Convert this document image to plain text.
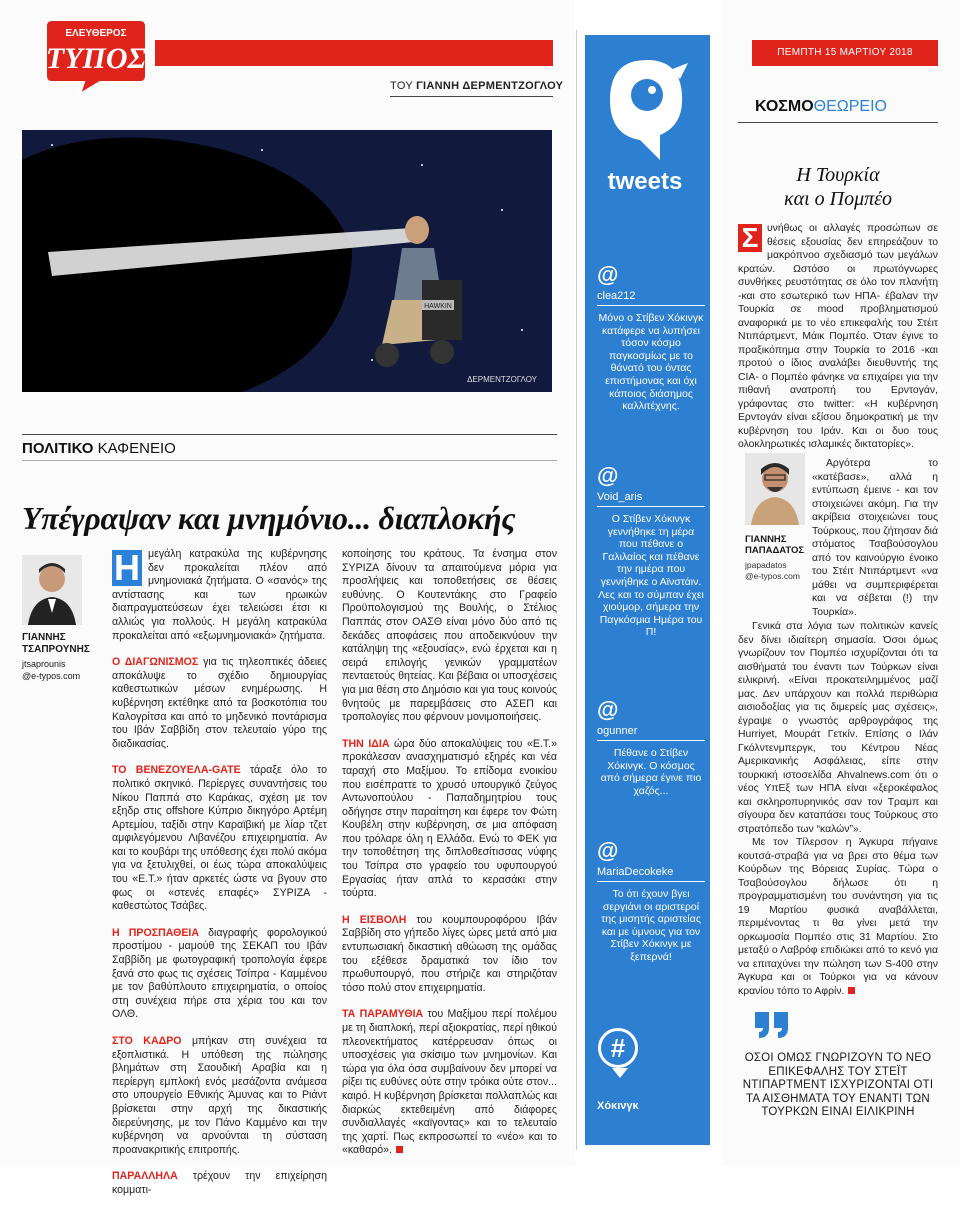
ΕΛΕΥΘΕΡΟΣ
ΤΥΠΟΣ
ΤΟΥ ΓΙΑΝΝΗ ΔΕΡΜΕΝΤΖΟΓΛΟΥ
HAWKIN
ΔΕΡΜΕΝΤΖΟΓΛΟΥ
ΠΟΛΙΤΙΚΟ ΚΑΦΕΝΕΙΟ
Υπέγραψαν και μνημόνιο... διαπλοκής
ΓΙΑΝΝΗΣ
ΤΣΑΠΡΟΥΝΗΣ
jtsaprounis
@e-typos.com

Η μεγάλη κατρακύλα της κυβέρνησης δεν προκαλείται πλέον από μνημονιακά ζητήματα. Ο «σανός» της αντίστασης και των ηρωικών διαπραγματεύσεων έχει τελειώσει έτσι κι αλλιώς για πολλούς. Η μεγάλη κατρακύλα προκαλείται από «εξωμνημονιακά» ζητήματα.

Ο ΔΙΑΓΩΝΙΣΜΟΣ για τις τηλεοπτικές άδειες αποκάλυψε το σχέδιο δημιουργίας καθεστωτικών μέσων ενημέρωσης. Η κυβέρνηση εκτέθηκε από τα βοσκοτόπια του Καλογρίτσα και από το μηδενικό ποντάρισμα του Ιβάν Σαββίδη στον τελευταίο γύρο της διαδικασίας.

ΤΟ ΒΕΝΕΖΟΥΕΛΑ-GATE τάραξε όλο το πολιτικό σκηνικό. Περίεργες συναντήσεις του Νίκου Παππά στο Καράκας, σχέση με τον εξηδρ στις offshore Κύπριο δικηγόρο Αρτέμη Αρτεμίου, ταξίδι στην Καραϊβική με λίαρ τζετ αμφιλεγόμενου Λιβανέζου επιχειρηματία. Αν και το κουβάρι της υπόθεσης έχει πολύ ακόμα για να ξετυλιχθεί, οι έως τώρα αποκαλύψεις του «Ε.Τ.» ήταν αρκετές ώστε να βγουν στο φως οι «στενές επαφές» ΣΥΡΙΖΑ - καθεστώτος Τσάβες.

Η ΠΡΟΣΠΑΘΕΙΑ διαγραφής φορολογικού προστίμου - μαμούθ της ΣΕΚΑΠ του Ιβάν Σαββίδη με φωτογραφική τροπολογία έφερε ξανά στο φως τις σχέσεις Τσίπρα - Καμμένου με τον βαθύπλουτο επιχειρηματία, ο οποίος στη συνέχεια πήρε στα χέρια του και τον ΟΛΘ.

ΣΤΟ ΚΑΔΡΟ μπήκαν στη συνέχεια τα εξοπλιστικά. Η υπόθεση της πώλησης βλημάτων στη Σαουδική Αραβία και η περίεργη εμπλοκή ενός μεσάζοντα ανάμεσα στο υπουργείο Εθνικής Άμυνας και το Ριάντ βρίσκεται στην αρχή της δικαστικής διερεύνησης, με τον Πάνο Καμμένο και την κυβέρνηση να αρνούνται τη σύσταση προανακριτικής επιτροπής.

ΠΑΡΑΛΛΗΛΑ τρέχουν την επιχείρηση κομματι-

κοποίησης του κράτους. Τα ένσημα στον ΣΥΡΙΖΑ δίνουν τα απαιτούμενα μόρια για προσλήψεις και τοποθετήσεις σε θέσεις ευθύνης. Ο Κουτεντάκης στο Γραφείο Προϋπολογισμού της Βουλής, ο Στέλιος Παππάς στον ΟΑΣΘ είναι μόνο δύο από τις δεκάδες αποφάσεις που αποδεικνύουν την κατάληψη της «εξουσίας», ενώ έρχεται και η σειρά επιλογής γενικών γραμματέων πενταετούς θητείας. Και βέβαια οι υποσχέσεις για μια θέση στο Δημόσιο και για τους κοινούς θνητούς με παρεμβάσεις στο ΑΣΕΠ και τροπολογίες που φέρνουν μονιμοποιήσεις.

ΤΗΝ ΙΔΙΑ ώρα δύο αποκαλύψεις του «Ε.Τ.» προκάλεσαν ανασχηματισμό εξηρές και νέα ταραχή στο Μαξίμου. Το επίδομα ενοικίου που εισέπραττε το χρυσό υπουργικό ζεύγος Αντωνοπούλου - Παπαδημητρίου τους οδήγησε στην παραίτηση και έφερε τον Φώτη Κουβέλη στην κυβέρνηση, σε μια απόφαση που τρόλαρε όλη η Ελλάδα. Ενώ το ΦΕΚ για την τοποθέτηση της διπλοθεσίτισσας νύφης του Τσίπρα στο γραφείο του υφυπουργού Εργασίας ήταν απλά το κερασάκι στην τούρτα.

Η ΕΙΣΒΟΛΗ του κουμπουροφόρου Ιβάν Σαββίδη στο γήπεδο λίγες ώρες μετά από μια εντυπωσιακή δικαστική αθώωση της ομάδας του εξέθεσε δραματικά τον ίδιο τον πρωθυπουργό, που στήριζε και στηριζόταν τόσο πολύ στον επιχειρηματία.

ΤΑ ΠΑΡΑΜΥΘΙΑ του Μαξίμου περί πολέμου με τη διαπλοκή, περί αξιοκρατίας, περί ηθικού πλεονεκτήματος κατέρρευσαν όπως οι υποσχέσεις για σκίσιμο των μνημονίων. Και τώρα για όλα όσα συμβαίνουν δεν μπορεί να ρίξει τις ευθύνες ούτε στην τρόικα ούτε στον... καιρό. Η κυβέρνηση βρίσκεται πολλαπλώς και διαρκώς εκτεθειμένη από διάφορες συνδιαλλαγές «καϊγοντας» και το τελευταίο της χαρτί. Πως εκπροσωπεί το «νέο» και το «καθαρό».

tweets
@
clea212
Μόνο ο Στίβεν Χόκινγκ κατάφερε να λυπήσει τόσον κόσμο παγκοσμίως με το θάνατό του όντας επιστήμονας και όχι κάποιος διάσημος καλλιτέχνης.
@
Void_aris
Ο Στίβεν Χόκινγκ γεννήθηκε τη μέρα που πέθανε ο Γαλιλαίος και πέθανε την ημέρα που γεννήθηκε ο Αϊνστάιν. Λες και το σύμπαν έχει χιούμορ, σήμερα την Παγκόσμια Ημέρα του Π!
@
ogunner
Πέθανε ο Στίβεν Χόκινγκ. Ο κόσμος από σήμερα έγινε πιο χαζός...
@
MariaDecokeke
Το ότι έχουν βγει σεργιάνι οι αριστεροί της μισητής αριστείας και με ύμνους για τον Στίβεν Χόκινγκ με ξεπερνά!
#
Χόκινγκ
ΠΕΜΠΤΗ 15 ΜΑΡΤΙΟΥ 2018
ΚΟΣΜΟΘΕΩΡΕΙΟ
Η Τουρκία
και ο Πομπέο

Σ υνήθως οι αλλαγές προσώπων σε θέσεις εξουσίας δεν επηρεάζουν το μακρόπνοο σχεδιασμό των μεγάλων κρατών. Ωστόσο οι πρωτόγνωρες συνθήκες ρευστότητας σε όλο τον πλανήτη -και στο εσωτερικό των ΗΠΑ- έβαλαν την Τουρκία σε mood προβληματισμού αναφορικά με το νέο επικεφαλής του Στέιτ Ντιπάρτμεντ, Μάικ Πομπέο. Όταν έγινε το πραξικόπημα στην Τουρκία το 2016 -και προτού ο ίδιος αναλάβει διευθυντής της CIA- ο Πομπέο φάνηκε να επιχαίρει για την πιθανή ανατροπή του Ερντογάν, γράφοντας στο twitter: «Η κυβέρνηση Ερντογάν είναι εξίσου δημοκρατική με την κυβέρνηση του Ιράν. Και οι δυο τους ολοκληρωτικές ισλαμικές δικτατορίες».

ΓΙΑΝΝΗΣ
ΠΑΠΑΔΑΤΟΣ
jpapadatos
@e-typos.com

Αργότερα το «κατέβασε», αλλά η εντύπωση έμεινε - και τον στοιχειώνει ακόμη. Για την ακρίβεια στοιχειώνει τους Τούρκους, που ζήτησαν διά στόματος Τσαβούσογλου από τον καινούργιο ένοικο του Στέιτ Ντιπάρτμεντ «να μάθει να συμπεριφέρεται και να σέβεται (!) την Τουρκία».

Γενικά στα λόγια των πολιτικών κανείς δεν δίνει ιδιαίτερη σημασία. Όσοι όμως γνωρίζουν τον Πομπέο ισχυρίζονται ότι τα αισθήματά του έναντι των Τούρκων είναι ειλικρινή. «Είναι προκατειλημμένος μαζί μας. Δεν υπάρχουν και πολλά περιθώρια αισιοδοξίας για τις διμερείς μας σχέσεις», έγραψε ο γνωστός αρθρογράφος της Hurriyet, Μουράτ Γετκίν. Επίσης ο Ιλάν Γκόλντενμπεργκ, του Κέντρου Νέας Αμερικανικής Ασφάλειας, είπε στην τουρκική ιστοσελίδα Ahvalnews.com ότι ο νέος ΥπΕξ των ΗΠΑ είναι «ξεροκέφαλος και σκληροπυρηνικός σαν τον Τραμπ και σίγουρα δεν καταπάσει τους Τούρκους στο στρατόπεδο των “καλών”».

Με τον Τίλερσον η Άγκυρα πήγαινε κουτσά-στραβά για να βρει στο θέμα των Κούρδων της Βόρειας Συρίας. Τώρα ο Τσαβούσογλου δήλωσε ότι η προγραμματισμένη του συνάντηση για τις 19 Μαρτίου φυσικά αναβάλλεται, περιμένοντας τι θα γίνει μετά την ορκωμοσία Πομπέο στις 31 Μαρτίου. Στο μεταξύ ο Λαβρόφ επιδιώκει από το κενό για να επιταχύνει την πώληση των S-400 στην Άγκυρα και οι Τούρκοι για να κάνουν κρανίου τόπο το Αφρίν.

ΟΣΟΙ ΟΜΩΣ ΓΝΩΡΙΖΟΥΝ ΤΟ ΝΕΟ ΕΠΙΚΕΦΑΛΗΣ ΤΟΥ ΣΤΕΪΤ ΝΤΙΠΑΡΤΜΕΝΤ ΙΣΧΥΡΙΖΟΝΤΑΙ ΟΤΙ ΤΑ ΑΙΣΘΗΜΑΤΑ ΤΟΥ ΕΝΑΝΤΙ ΤΩΝ ΤΟΥΡΚΩΝ ΕΙΝΑΙ ΕΙΛΙΚΡΙΝΗ
